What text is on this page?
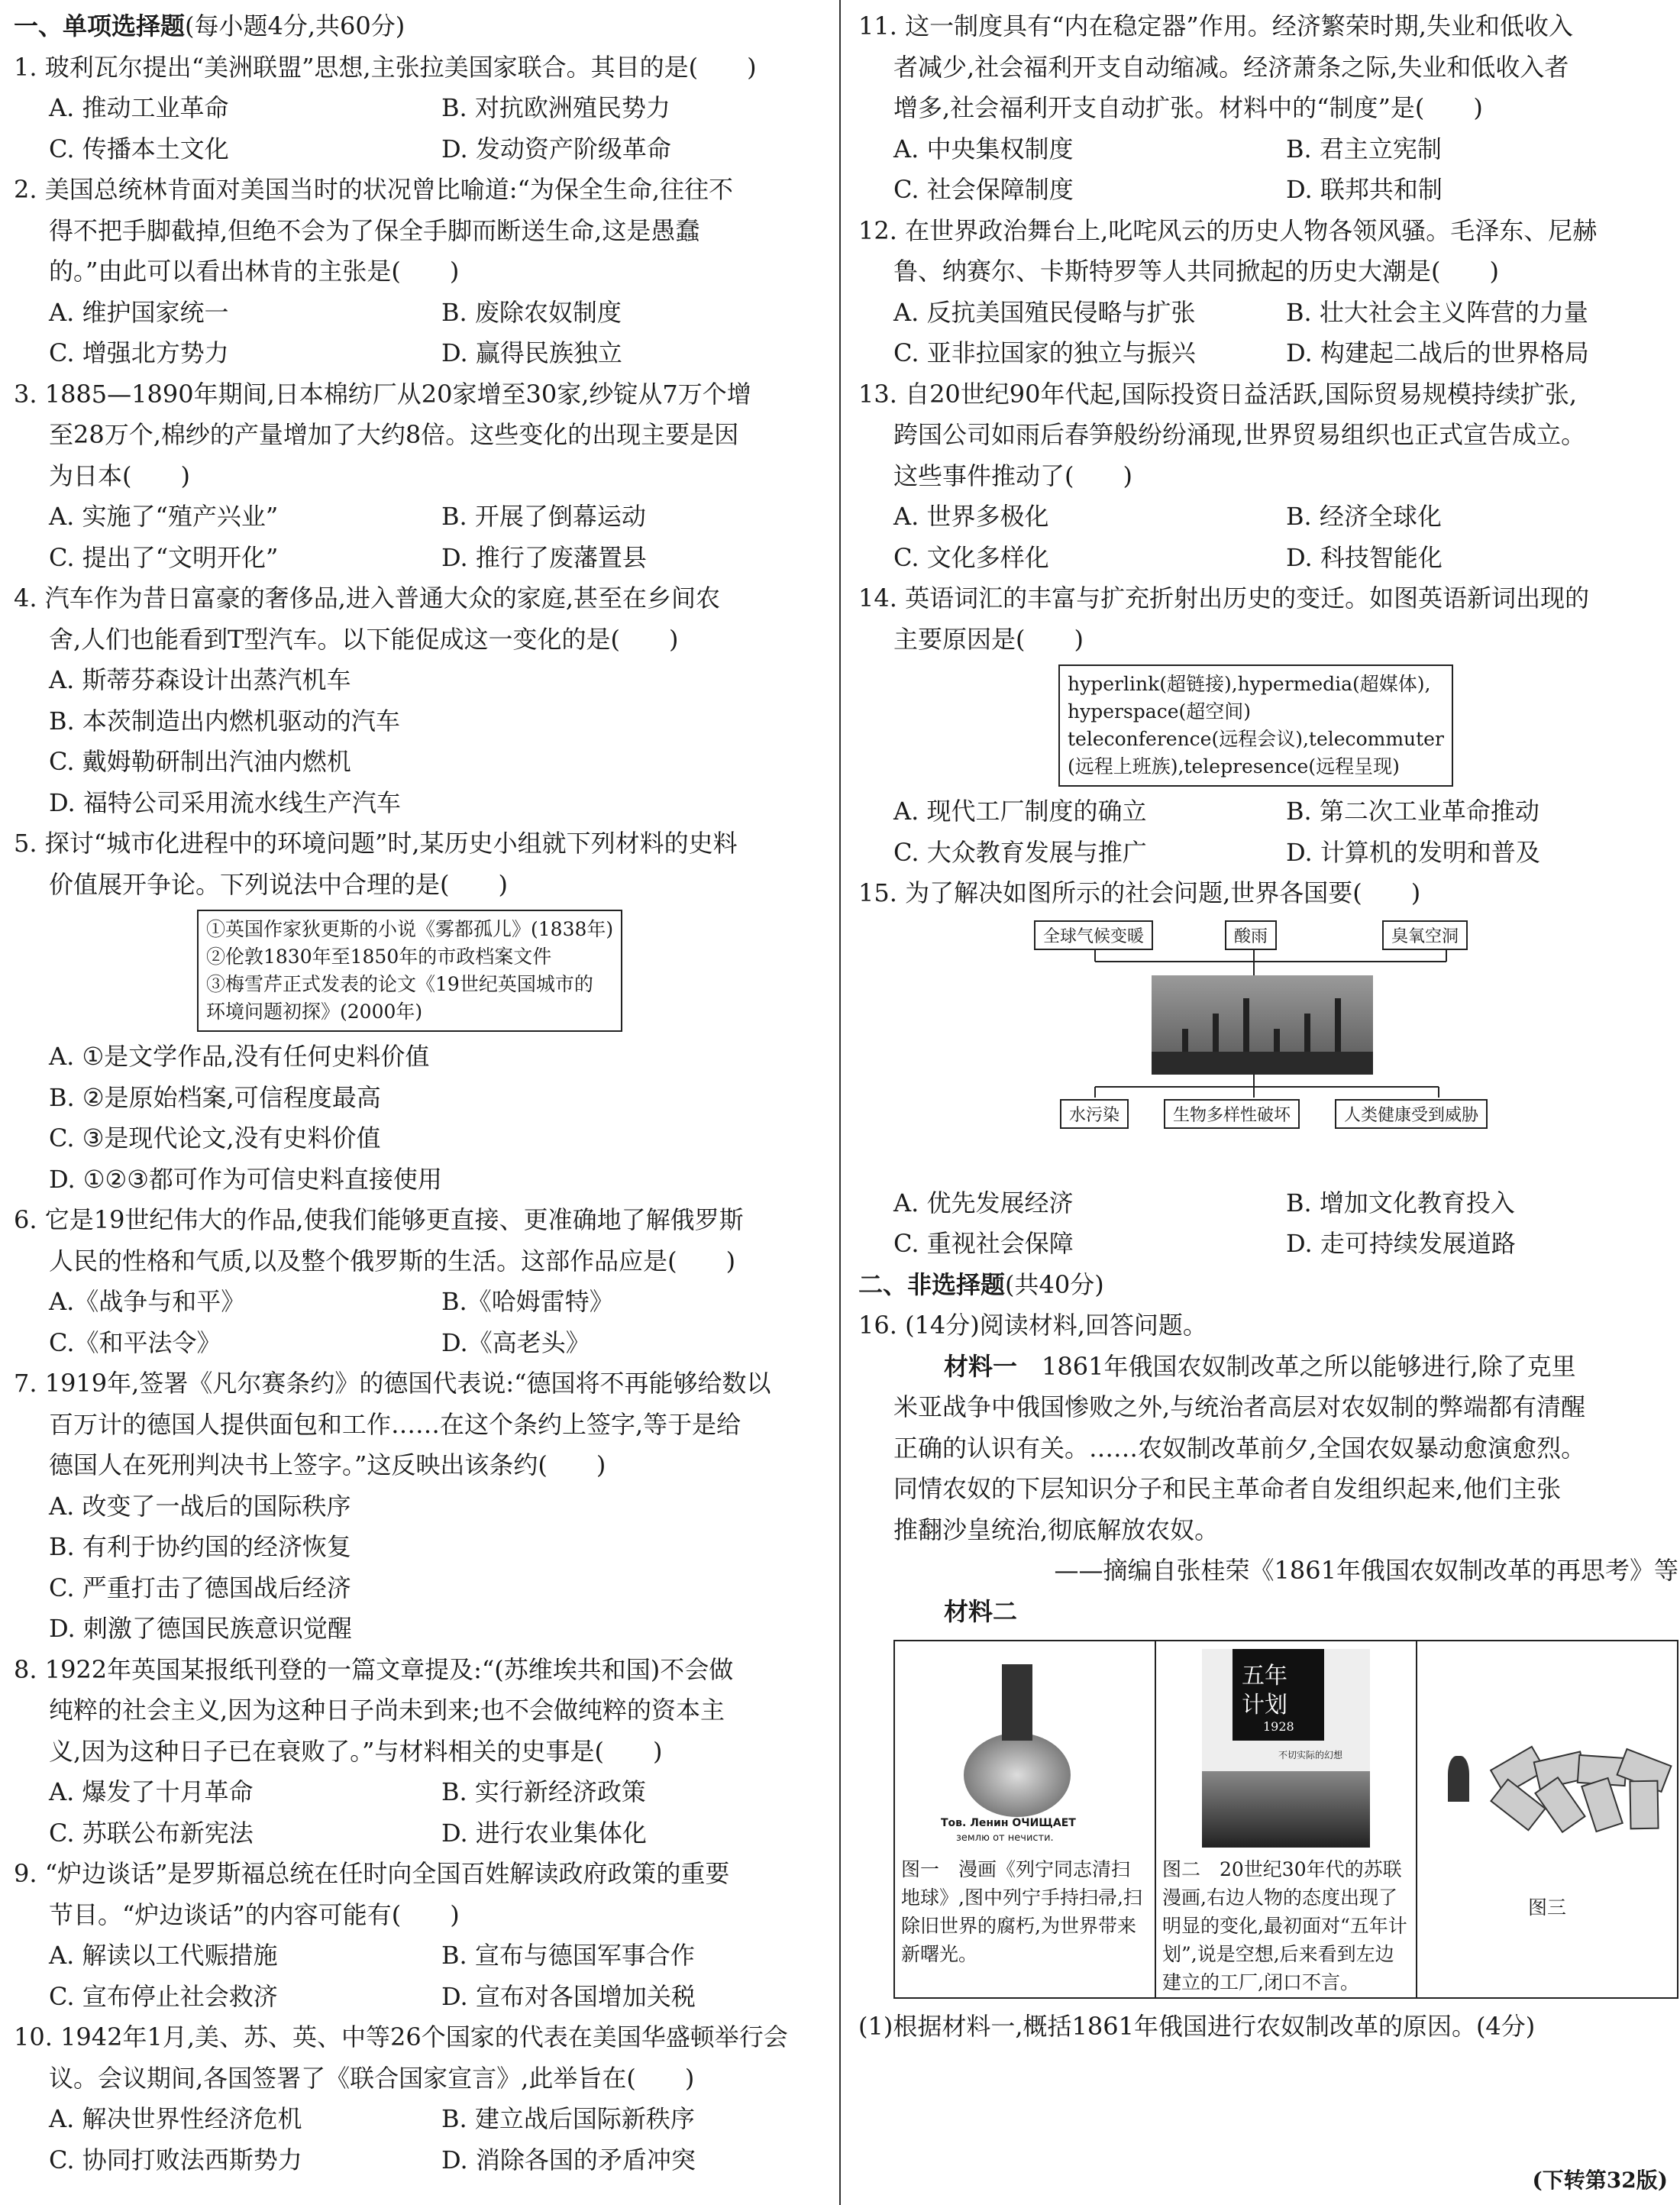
一、单项选择题(每小题4分,共60分)
1. 玻利瓦尔提出“美洲联盟”思想,主张拉美国家联合。其目的是(　　)
A. 推动工业革命	B. 对抗欧洲殖民势力
C. 传播本土文化	D. 发动资产阶级革命
2. 美国总统林肯面对美国当时的状况曾比喻道:“为保全生命,往往不
得不把手脚截掉,但绝不会为了保全手脚而断送生命,这是愚蠢
的。”由此可以看出林肯的主张是(　　)
A. 维护国家统一	B. 废除农奴制度
C. 增强北方势力	D. 赢得民族独立
3. 1885—1890年期间,日本棉纺厂从20家增至30家,纱锭从7万个增
至28万个,棉纱的产量增加了大约8倍。这些变化的出现主要是因
为日本(　　)
A. 实施了“殖产兴业”	B. 开展了倒幕运动
C. 提出了“文明开化”	D. 推行了废藩置县
4. 汽车作为昔日富豪的奢侈品,进入普通大众的家庭,甚至在乡间农
舍,人们也能看到T型汽车。以下能促成这一变化的是(　　)
A. 斯蒂芬森设计出蒸汽机车
B. 本茨制造出内燃机驱动的汽车
C. 戴姆勒研制出汽油内燃机
D. 福特公司采用流水线生产汽车
5. 探讨“城市化进程中的环境问题”时,某历史小组就下列材料的史料
价值展开争论。下列说法中合理的是(　　)
①英国作家狄更斯的小说《雾都孤儿》(1838年)
②伦敦1830年至1850年的市政档案文件
③梅雪芹正式发表的论文《19世纪英国城市的
环境问题初探》(2000年)
A. ①是文学作品,没有任何史料价值
B. ②是原始档案,可信程度最高
C. ③是现代论文,没有史料价值
D. ①②③都可作为可信史料直接使用
6. 它是19世纪伟大的作品,使我们能够更直接、更准确地了解俄罗斯
人民的性格和气质,以及整个俄罗斯的生活。这部作品应是(　　)
A.《战争与和平》	B.《哈姆雷特》
C.《和平法令》	D.《高老头》
7. 1919年,签署《凡尔赛条约》的德国代表说:“德国将不再能够给数以
百万计的德国人提供面包和工作……在这个条约上签字,等于是给
德国人在死刑判决书上签字。”这反映出该条约(　　)
A. 改变了一战后的国际秩序
B. 有利于协约国的经济恢复
C. 严重打击了德国战后经济
D. 刺激了德国民族意识觉醒
8. 1922年英国某报纸刊登的一篇文章提及:“(苏维埃共和国)不会做
纯粹的社会主义,因为这种日子尚未到来;也不会做纯粹的资本主
义,因为这种日子已在衰败了。”与材料相关的史事是(　　)
A. 爆发了十月革命	B. 实行新经济政策
C. 苏联公布新宪法	D. 进行农业集体化
9. “炉边谈话”是罗斯福总统在任时向全国百姓解读政府政策的重要
节目。“炉边谈话”的内容可能有(　　)
A. 解读以工代赈措施	B. 宣布与德国军事合作
C. 宣布停止社会救济	D. 宣布对各国增加关税
10. 1942年1月,美、苏、英、中等26个国家的代表在美国华盛顿举行会
议。会议期间,各国签署了《联合国家宣言》,此举旨在(　　)
A. 解决世界性经济危机	B. 建立战后国际新秩序
C. 协同打败法西斯势力	D. 消除各国的矛盾冲突
11. 这一制度具有“内在稳定器”作用。经济繁荣时期,失业和低收入
者减少,社会福利开支自动缩减。经济萧条之际,失业和低收入者
增多,社会福利开支自动扩张。材料中的“制度”是(　　)
A. 中央集权制度	B. 君主立宪制
C. 社会保障制度	D. 联邦共和制
12. 在世界政治舞台上,叱咤风云的历史人物各领风骚。毛泽东、尼赫
鲁、纳赛尔、卡斯特罗等人共同掀起的历史大潮是(　　)
A. 反抗美国殖民侵略与扩张	B. 壮大社会主义阵营的力量
C. 亚非拉国家的独立与振兴	D. 构建起二战后的世界格局
13. 自20世纪90年代起,国际投资日益活跃,国际贸易规模持续扩张,
跨国公司如雨后春笋般纷纷涌现,世界贸易组织也正式宣告成立。
这些事件推动了(　　)
A. 世界多极化	B. 经济全球化
C. 文化多样化	D. 科技智能化
14. 英语词汇的丰富与扩充折射出历史的变迁。如图英语新词出现的
主要原因是(　　)
hyperlink(超链接),hypermedia(超媒体),
hyperspace(超空间)
teleconference(远程会议),telecommuter
(远程上班族),telepresence(远程呈现)
A. 现代工厂制度的确立	B. 第二次工业革命推动
C. 大众教育发展与推广	D. 计算机的发明和普及
15. 为了解决如图所示的社会问题,世界各国要(　　)
全球气候变暖	酸雨	臭氧空洞
水污染	生物多样性破坏	人类健康受到威胁
A. 优先发展经济	B. 增加文化教育投入
C. 重视社会保障	D. 走可持续发展道路
二、非选择题(共40分)
16. (14分)阅读材料,回答问题。
材料一 1861年俄国农奴制改革之所以能够进行,除了克里
米亚战争中俄国惨败之外,与统治者高层对农奴制的弊端都有清醒
正确的认识有关。……农奴制改革前夕,全国农奴暴动愈演愈烈。
同情农奴的下层知识分子和民主革命者自发组织起来,他们主张
推翻沙皇统治,彻底解放农奴。
——摘编自张桂荣《1861年俄国农奴制改革的再思考》等
材料二
Тов. Ленин ОЧИЩАЕТ
землю от нечисти.
图一　漫画《列宁同志清扫地球》,图中列宁手持扫帚,扫除旧世界的腐朽,为世界带来新曙光。
五年
计划
1928
不切实际的幻想
图二　20世纪30年代的苏联漫画,右边人物的态度出现了明显的变化,最初面对“五年计划”,说是空想,后来看到左边建立的工厂,闭口不言。
图三
(1)根据材料一,概括1861年俄国进行农奴制改革的原因。(4分)
(下转第32版)
